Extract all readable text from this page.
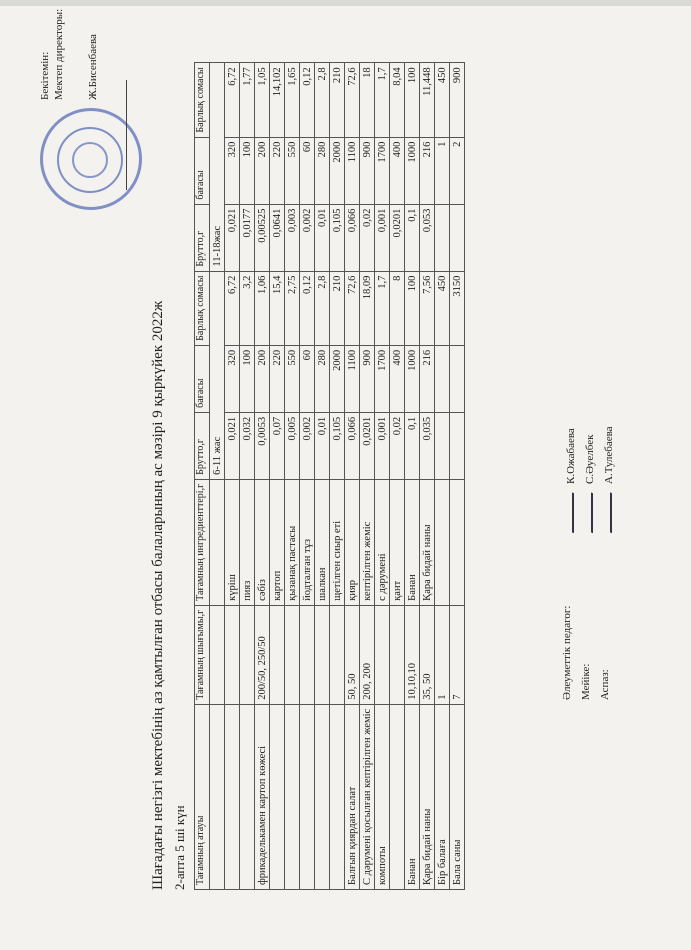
Бекітемін: Мектеп директоры: Ж.Бисенбаева
Шағадағы негізгі мектебінің аз қамтылған отбасы балаларының ас мәзірі 9 қыркүйек 2022ж 2-апта 5 ші күн Тағамның атауы	Тағамның шығымы,г	Тағамның ингредиенттері,г	Брутто,г	бағасы	Барлық сомасы	Брутто,г	бағасы	Барлық сомасы
			6-11 жас			11-18жас		
		күріш	0,021	320	6,72	0,021	320	6,72
		пияз	0,032	100	3,2	0,0177	100	1,77
фрикаделькамен картоп көжесі	200/50, 250/50	сәбіз	0,0053	200	1,06	0,00525	200	1,05
		картоп	0,07	220	15,4	0,0641	220	14,102
		қызанақ пастасы	0,005	550	2,75	0,003	550	1,65
		йодталған тұз	0,002	60	0,12	0,002	60	0,12
		шалкан	0,01	280	2,8	0,01	280	2,8
		щетілген сиыр еті	0,105	2000	210	0,105	2000	210
Балғын қиярдан салат	50, 50	қияр	0,066	1100	72,6	0,066	1100	72,6
С дәрумені қосылған кептірілген жеміс	200, 200	кептірілген жеміс	0,0201	900	18,09	0,02	900	18
компоты		с дәрумені	0,001	1700	1,7	0,001	1700	1,7
		қант	0,02	400	8	0,0201	400	8,04
Банан	10,10,10	Банан	0,1	1000	100	0,1	1000	100
Қара бидай наны	35, 50	Қара бидай наны	0,035	216	7,56	0,053	216	11,448
Бір балаға	1				450		1	450
Бала саны	7				3150		2	900
Әлеуметтік педагог:
К.Ожабаева
Мейіке:
С.Әуелбек
Аспаз:
А.Тулебаева
